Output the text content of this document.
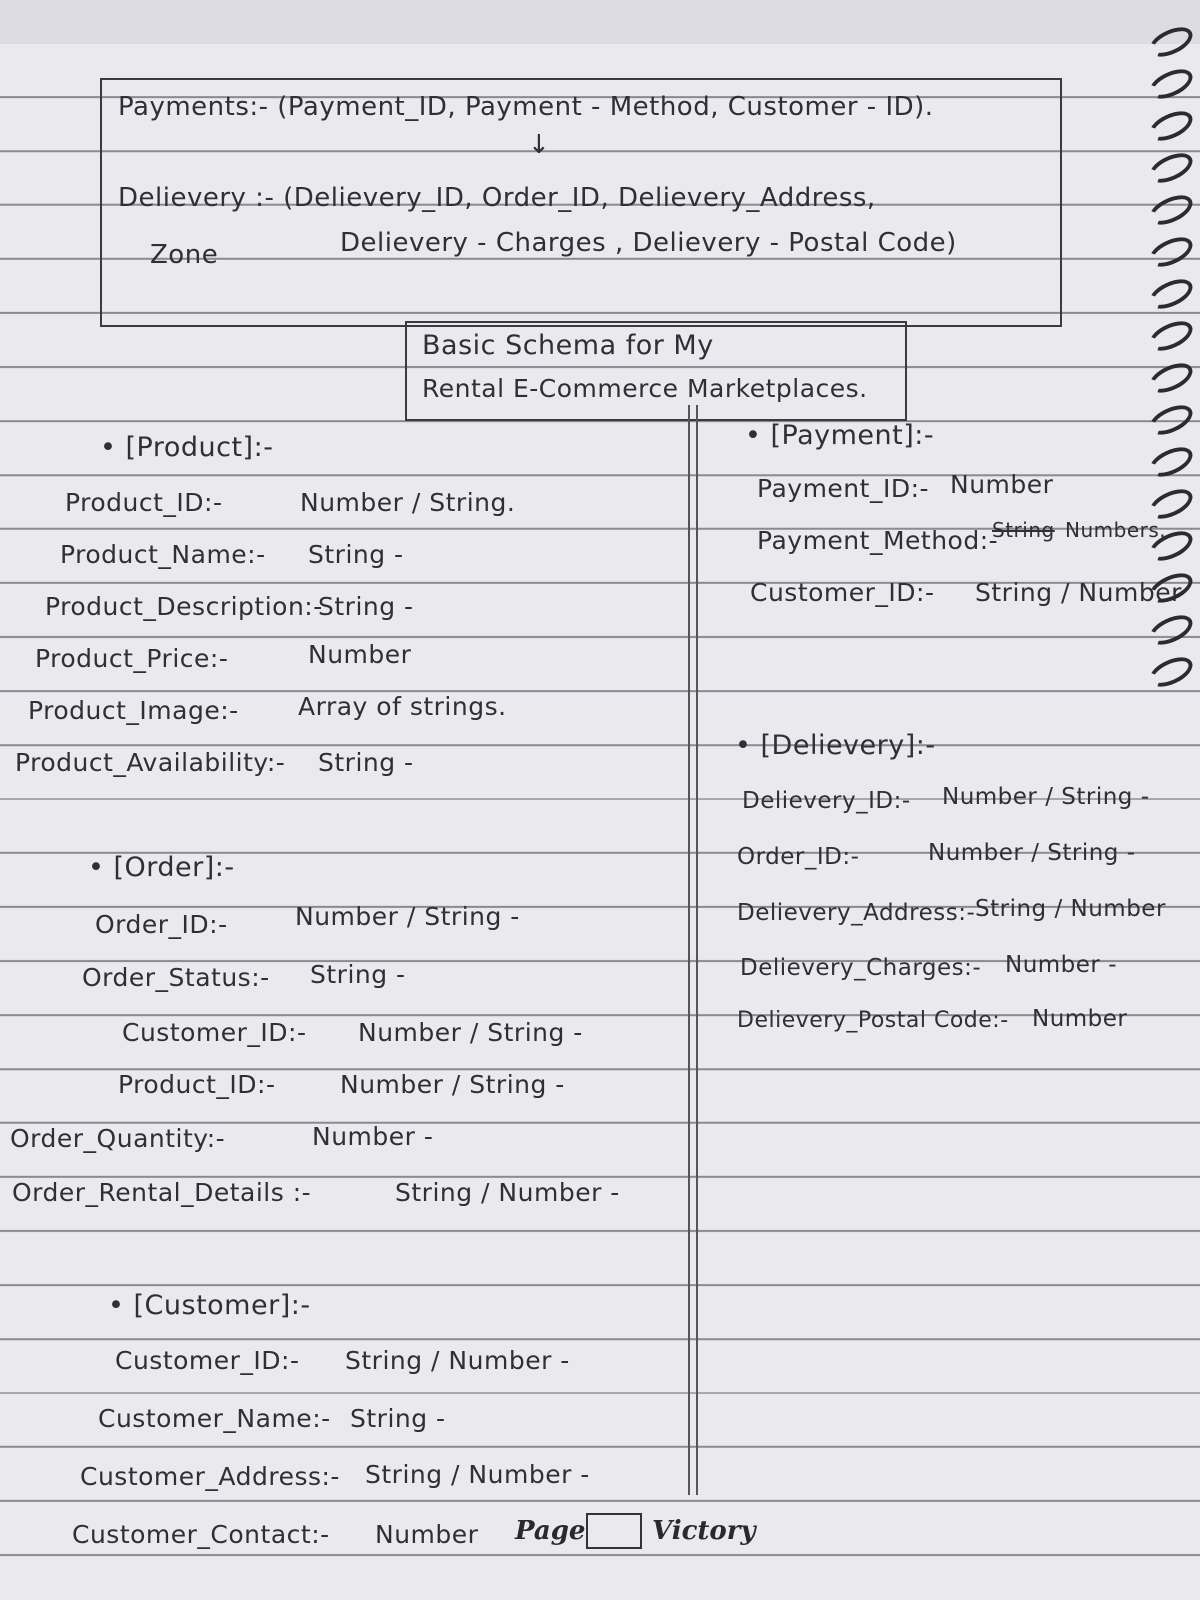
Payments:- (Payment_ID, Payment - Method, Customer - ID).
↓
Delievery :- (Delievery_ID, Order_ID, Delievery_Address,
Zone	Delievery - Charges , Delievery - Postal Code)
Basic Schema for My
Rental E-Commerce Marketplaces.
• [Product]:-
Product_ID:-	Number / String.
Product_Name:- String -
Product_Description:-
String -
Product_Price:-	Number
Product_Image:- Array of strings.
Product_Availability:- String -
• [Order]:-
Order_ID:-	Number / String -
Order_Status:- String -
Customer_ID:- Number / String -
Product_ID:-	Number / String -
Order_Quantity:-	Number -
Order_Rental_Details :-	String / Number -
• [Customer]:-
Customer_ID:- String / Number -
Customer_Name:- String -
Customer_Address:- String / Number -
Customer_Contact:- Number
• [Payment]:-
Payment_ID:- Number
Payment_Method:-
String Numbers.
Customer_ID:- String / Number
• [Delievery]:-
Delievery_ID:- Number / String -
Order_ID:-	Number / String -
Delievery_Address:- String / Number
Delievery_Charges:- Number -
Delievery_Postal Code:- Number
Page	Victory
